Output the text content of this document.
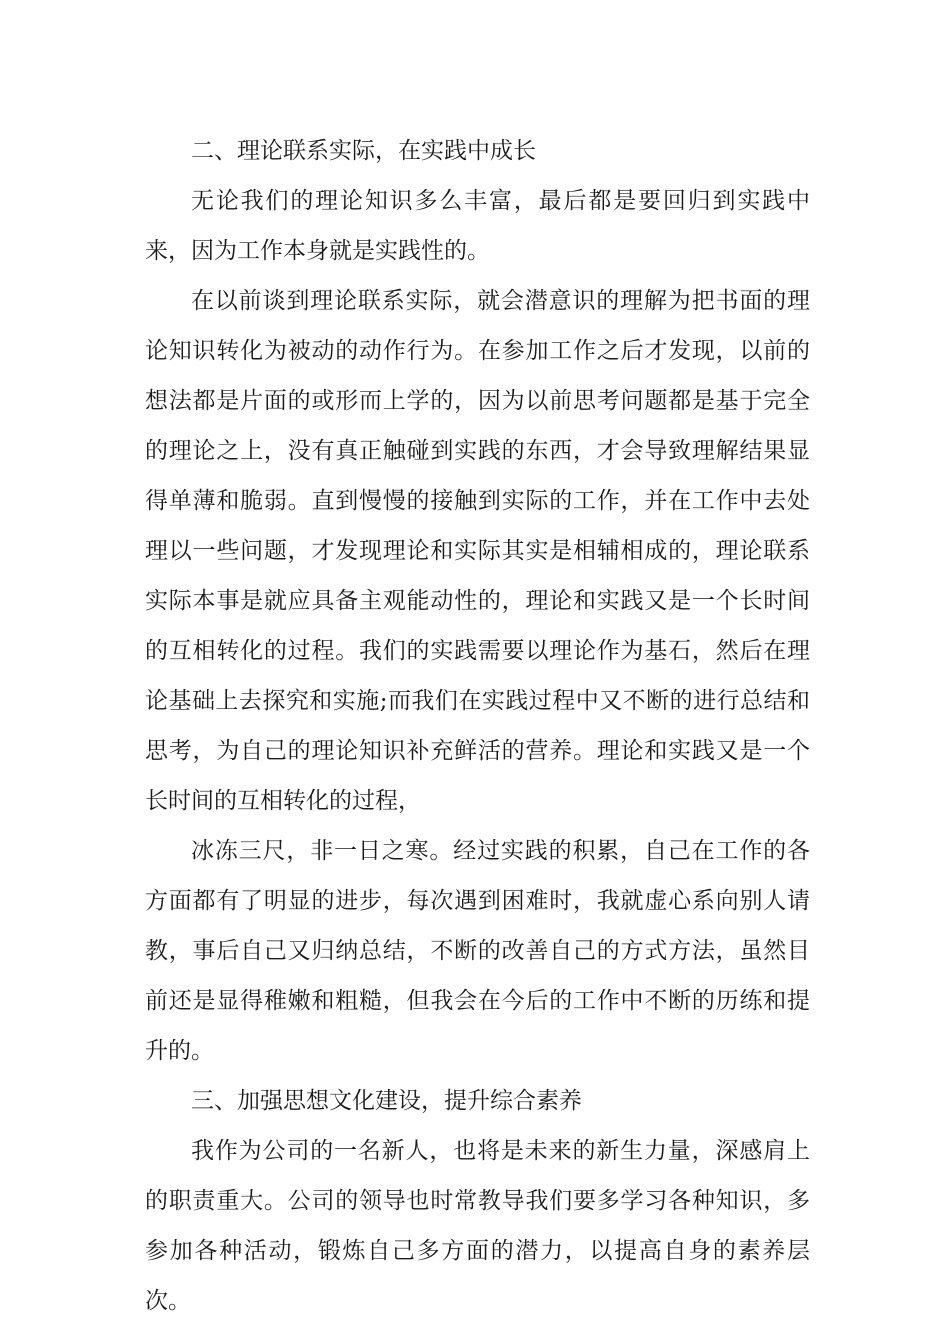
二、理论联系实际，在实践中成长

无论我们的理论知识多么丰富，最后都是要回归到实践中来，因为工作本身就是实践性的。

在以前谈到理论联系实际，就会潜意识的理解为把书面的理论知识转化为被动的动作行为。在参加工作之后才发现，以前的想法都是片面的或形而上学的，因为以前思考问题都是基于完全的理论之上，没有真正触碰到实践的东西，才会导致理解结果显得单薄和脆弱。直到慢慢的接触到实际的工作，并在工作中去处理以一些问题，才发现理论和实际其实是相辅相成的，理论联系实际本事是就应具备主观能动性的，理论和实践又是一个长时间的互相转化的过程。我们的实践需要以理论作为基石，然后在理论基础上去探究和实施;而我们在实践过程中又不断的进行总结和思考，为自己的理论知识补充鲜活的营养。理论和实践又是一个长时间的互相转化的过程，

冰冻三尺，非一日之寒。经过实践的积累，自己在工作的各方面都有了明显的进步，每次遇到困难时，我就虚心系向别人请教，事后自己又归纳总结，不断的改善自己的方式方法，虽然目前还是显得稚嫩和粗糙，但我会在今后的工作中不断的历练和提升的。

三、加强思想文化建设，提升综合素养

我作为公司的一名新人，也将是未来的新生力量，深感肩上的职责重大。公司的领导也时常教导我们要多学习各种知识，多参加各种活动，锻炼自己多方面的潜力，以提高自身的素养层次。
